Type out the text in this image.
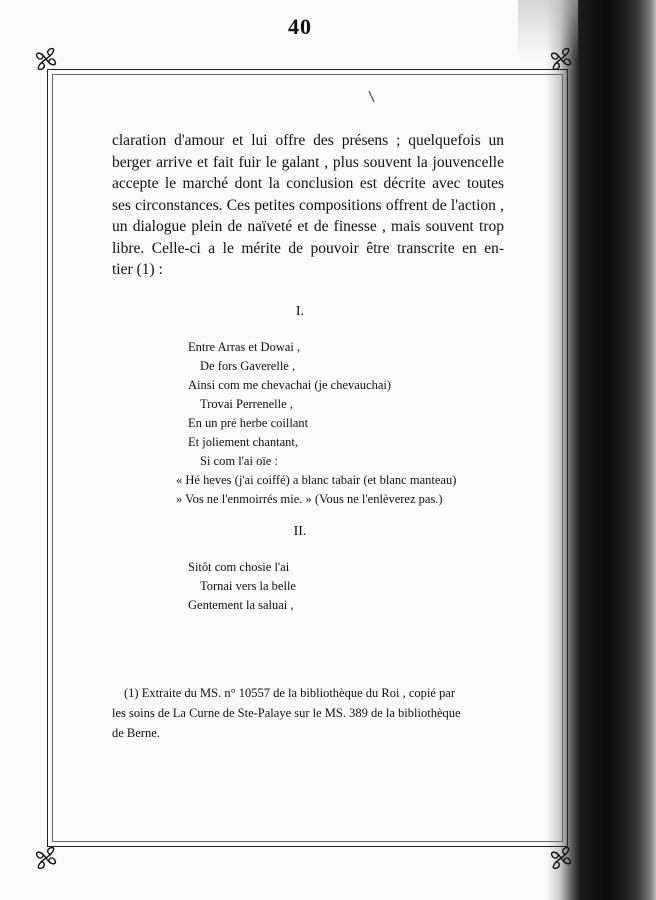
40
claration d'amour et lui offre des présens ; quelquefois un
berger arrive et fait fuir le galant , plus souvent la jouvencelle
accepte le marché dont la conclusion est décrite avec toutes
ses circonstances. Ces petites compositions offrent de l'action ,
un dialogue plein de naïveté et de finesse , mais souvent trop
libre. Celle-ci a le mérite de pouvoir être transcrite en en-
tier (1) :
I.
Entre Arras et Dowai ,
De fors Gaverelle ,
Ainsi com me chevachai (je chevauchai)
Trovai Perrenelle ,
En un pré herbe coillant
Et joliement chantant,
Si com l'ai oïe :
« Hé heves (j'ai coiffé) a blanc tabair (et blanc manteau)
» Vos ne l'enmoirrés mie. » (Vous ne l'enlèverez pas.)
II.
Sitôt com chosie l'ai
Tornai vers la belle
Gentement la saluai ,
(1) Extraite du MS. n° 10557 de la bibliothèque du Roi , copié par
les soins de La Curne de Ste-Palaye sur le MS. 389 de la bibliothèque
de Berne.
